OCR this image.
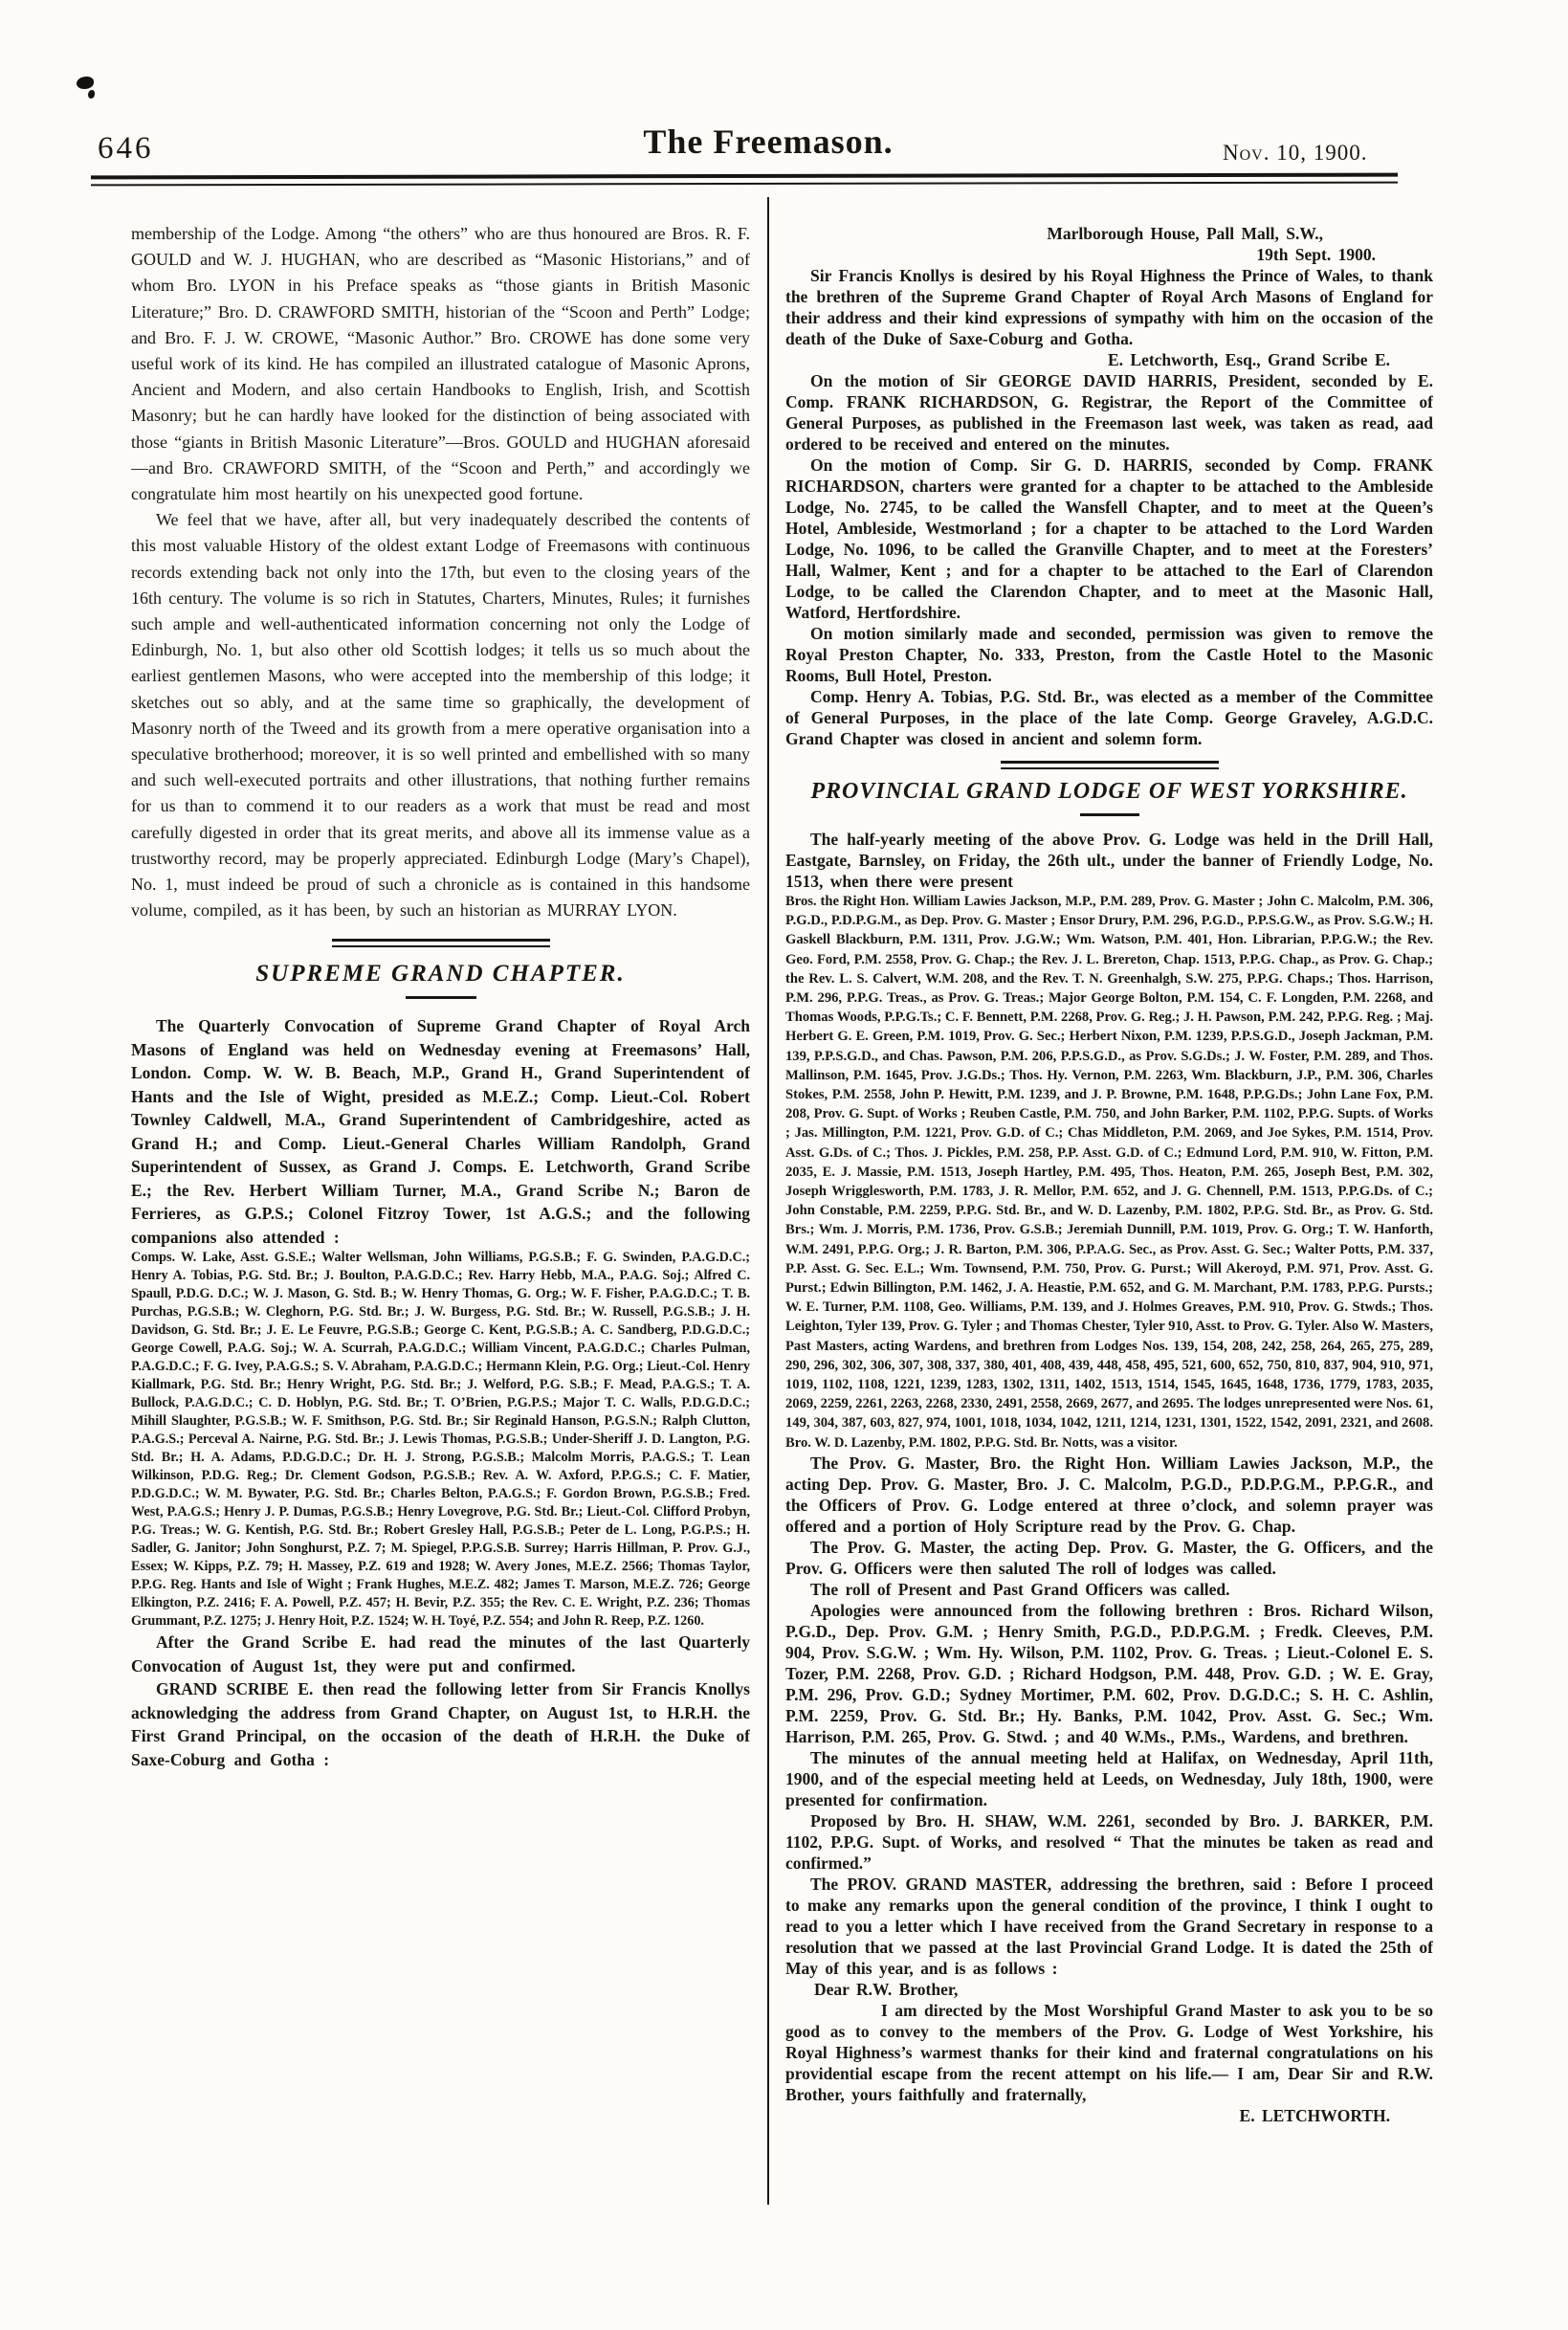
646	The Freemason.	Nov. 10, 1900.

membership of the Lodge. Among “the others” who are thus honoured are Bros. R. F. GOULD and W. J. HUGHAN, who are described as “Masonic Historians,” and of whom Bro. LYON in his Preface speaks as “those giants in British Masonic Literature;” Bro. D. CRAWFORD SMITH, historian of the “Scoon and Perth” Lodge; and Bro. F. J. W. CROWE, “Masonic Author.” Bro. CROWE has done some very useful work of its kind. He has compiled an illustrated catalogue of Masonic Aprons, Ancient and Modern, and also certain Handbooks to English, Irish, and Scottish Masonry; but he can hardly have looked for the distinction of being associated with those “giants in British Masonic Literature”—Bros. GOULD and HUGHAN aforesaid—and Bro. CRAWFORD SMITH, of the “Scoon and Perth,” and accordingly we congratulate him most heartily on his unexpected good fortune.

We feel that we have, after all, but very inadequately described the contents of this most valuable History of the oldest extant Lodge of Freemasons with continuous records extending back not only into the 17th, but even to the closing years of the 16th century. The volume is so rich in Statutes, Charters, Minutes, Rules; it furnishes such ample and well-authenticated information concerning not only the Lodge of Edinburgh, No. 1, but also other old Scottish lodges; it tells us so much about the earliest gentlemen Masons, who were accepted into the membership of this lodge; it sketches out so ably, and at the same time so graphically, the development of Masonry north of the Tweed and its growth from a mere operative organisation into a speculative brotherhood; moreover, it is so well printed and embellished with so many and such well-executed portraits and other illustrations, that nothing further remains for us than to commend it to our readers as a work that must be read and most carefully digested in order that its great merits, and above all its immense value as a trustworthy record, may be properly appreciated. Edinburgh Lodge (Mary’s Chapel), No. 1, must indeed be proud of such a chronicle as is contained in this handsome volume, compiled, as it has been, by such an historian as MURRAY LYON.

SUPREME GRAND CHAPTER.

The Quarterly Convocation of Supreme Grand Chapter of Royal Arch Masons of England was held on Wednesday evening at Freemasons’ Hall, London. Comp. W. W. B. Beach, M.P., Grand H., Grand Superintendent of Hants and the Isle of Wight, presided as M.E.Z.; Comp. Lieut.-Col. Robert Townley Caldwell, M.A., Grand Superintendent of Cambridgeshire, acted as Grand H.; and Comp. Lieut.-General Charles William Randolph, Grand Superintendent of Sussex, as Grand J. Comps. E. Letchworth, Grand Scribe E.; the Rev. Herbert William Turner, M.A., Grand Scribe N.; Baron de Ferrieres, as G.P.S.; Colonel Fitzroy Tower, 1st A.G.S.; and the following companions also attended :

Comps. W. Lake, Asst. G.S.E.; Walter Wellsman, John Williams, P.G.S.B.; F. G. Swinden, P.A.G.D.C.; Henry A. Tobias, P.G. Std. Br.; J. Boulton, P.A.G.D.C.; Rev. Harry Hebb, M.A., P.A.G. Soj.; Alfred C. Spaull, P.D.G. D.C.; W. J. Mason, G. Std. B.; W. Henry Thomas, G. Org.; W. F. Fisher, P.A.G.D.C.; T. B. Purchas, P.G.S.B.; W. Cleghorn, P.G. Std. Br.; J. W. Burgess, P.G. Std. Br.; W. Russell, P.G.S.B.; J. H. Davidson, G. Std. Br.; J. E. Le Feuvre, P.G.S.B.; George C. Kent, P.G.S.B.; A. C. Sandberg, P.D.G.D.C.; George Cowell, P.A.G. Soj.; W. A. Scurrah, P.A.G.D.C.; William Vincent, P.A.G.D.C.; Charles Pulman, P.A.G.D.C.; F. G. Ivey, P.A.G.S.; S. V. Abraham, P.A.G.D.C.; Hermann Klein, P.G. Org.; Lieut.-Col. Henry Kiallmark, P.G. Std. Br.; Henry Wright, P.G. Std. Br.; J. Welford, P.G. S.B.; F. Mead, P.A.G.S.; T. A. Bullock, P.A.G.D.C.; C. D. Hoblyn, P.G. Std. Br.; T. O’Brien, P.G.P.S.; Major T. C. Walls, P.D.G.D.C.; Mihill Slaughter, P.G.S.B.; W. F. Smithson, P.G. Std. Br.; Sir Reginald Hanson, P.G.S.N.; Ralph Clutton, P.A.G.S.; Perceval A. Nairne, P.G. Std. Br.; J. Lewis Thomas, P.G.S.B.; Under-Sheriff J. D. Langton, P.G. Std. Br.; H. A. Adams, P.D.G.D.C.; Dr. H. J. Strong, P.G.S.B.; Malcolm Morris, P.A.G.S.; T. Lean Wilkinson, P.D.G. Reg.; Dr. Clement Godson, P.G.S.B.; Rev. A. W. Axford, P.P.G.S.; C. F. Matier, P.D.G.D.C.; W. M. Bywater, P.G. Std. Br.; Charles Belton, P.A.G.S.; F. Gordon Brown, P.G.S.B.; Fred. West, P.A.G.S.; Henry J. P. Dumas, P.G.S.B.; Henry Lovegrove, P.G. Std. Br.; Lieut.-Col. Clifford Probyn, P.G. Treas.; W. G. Kentish, P.G. Std. Br.; Robert Gresley Hall, P.G.S.B.; Peter de L. Long, P.G.P.S.; H. Sadler, G. Janitor; John Songhurst, P.Z. 7; M. Spiegel, P.P.G.S.B. Surrey; Harris Hillman, P. Prov. G.J., Essex; W. Kipps, P.Z. 79; H. Massey, P.Z. 619 and 1928; W. Avery Jones, M.E.Z. 2566; Thomas Taylor, P.P.G. Reg. Hants and Isle of Wight ; Frank Hughes, M.E.Z. 482; James T. Marson, M.E.Z. 726; George Elkington, P.Z. 2416; F. A. Powell, P.Z. 457; H. Bevir, P.Z. 355; the Rev. C. E. Wright, P.Z. 236; Thomas Grummant, P.Z. 1275; J. Henry Hoit, P.Z. 1524; W. H. Toyé, P.Z. 554; and John R. Reep, P.Z. 1260.

After the Grand Scribe E. had read the minutes of the last Quarterly Convocation of August 1st, they were put and confirmed.

GRAND SCRIBE E. then read the following letter from Sir Francis Knollys acknowledging the address from Grand Chapter, on August 1st, to H.R.H. the First Grand Principal, on the occasion of the death of H.R.H. the Duke of Saxe-Coburg and Gotha :

Marlborough House, Pall Mall, S.W.,

19th Sept. 1900.

Sir Francis Knollys is desired by his Royal Highness the Prince of Wales, to thank the brethren of the Supreme Grand Chapter of Royal Arch Masons of England for their address and their kind expressions of sympathy with him on the occasion of the death of the Duke of Saxe-Coburg and Gotha.

E. Letchworth, Esq., Grand Scribe E.

On the motion of Sir GEORGE DAVID HARRIS, President, seconded by E. Comp. FRANK RICHARDSON, G. Registrar, the Report of the Committee of General Purposes, as published in the Freemason last week, was taken as read, aad ordered to be received and entered on the minutes.

On the motion of Comp. Sir G. D. HARRIS, seconded by Comp. FRANK RICHARDSON, charters were granted for a chapter to be attached to the Ambleside Lodge, No. 2745, to be called the Wansfell Chapter, and to meet at the Queen’s Hotel, Ambleside, Westmorland ; for a chapter to be attached to the Lord Warden Lodge, No. 1096, to be called the Granville Chapter, and to meet at the Foresters’ Hall, Walmer, Kent ; and for a chapter to be attached to the Earl of Clarendon Lodge, to be called the Clarendon Chapter, and to meet at the Masonic Hall, Watford, Hertfordshire.

On motion similarly made and seconded, permission was given to remove the Royal Preston Chapter, No. 333, Preston, from the Castle Hotel to the Masonic Rooms, Bull Hotel, Preston.

Comp. Henry A. Tobias, P.G. Std. Br., was elected as a member of the Committee of General Purposes, in the place of the late Comp. George Graveley, A.G.D.C. Grand Chapter was closed in ancient and solemn form.

PROVINCIAL GRAND LODGE OF WEST YORKSHIRE.

The half-yearly meeting of the above Prov. G. Lodge was held in the Drill Hall, Eastgate, Barnsley, on Friday, the 26th ult., under the banner of Friendly Lodge, No. 1513, when there were present

Bros. the Right Hon. William Lawies Jackson, M.P., P.M. 289, Prov. G. Master ; John C. Malcolm, P.M. 306, P.G.D., P.D.P.G.M., as Dep. Prov. G. Master ; Ensor Drury, P.M. 296, P.G.D., P.P.S.G.W., as Prov. S.G.W.; H. Gaskell Blackburn, P.M. 1311, Prov. J.G.W.; Wm. Watson, P.M. 401, Hon. Librarian, P.P.G.W.; the Rev. Geo. Ford, P.M. 2558, Prov. G. Chap.; the Rev. J. L. Brereton, Chap. 1513, P.P.G. Chap., as Prov. G. Chap.; the Rev. L. S. Calvert, W.M. 208, and the Rev. T. N. Greenhalgh, S.W. 275, P.P.G. Chaps.; Thos. Harrison, P.M. 296, P.P.G. Treas., as Prov. G. Treas.; Major George Bolton, P.M. 154, C. F. Longden, P.M. 2268, and Thomas Woods, P.P.G.Ts.; C. F. Bennett, P.M. 2268, Prov. G. Reg.; J. H. Pawson, P.M. 242, P.P.G. Reg. ; Maj. Herbert G. E. Green, P.M. 1019, Prov. G. Sec.; Herbert Nixon, P.M. 1239, P.P.S.G.D., Joseph Jackman, P.M. 139, P.P.S.G.D., and Chas. Pawson, P.M. 206, P.P.S.G.D., as Prov. S.G.Ds.; J. W. Foster, P.M. 289, and Thos. Mallinson, P.M. 1645, Prov. J.G.Ds.; Thos. Hy. Vernon, P.M. 2263, Wm. Blackburn, J.P., P.M. 306, Charles Stokes, P.M. 2558, John P. Hewitt, P.M. 1239, and J. P. Browne, P.M. 1648, P.P.G.Ds.; John Lane Fox, P.M. 208, Prov. G. Supt. of Works ; Reuben Castle, P.M. 750, and John Barker, P.M. 1102, P.P.G. Supts. of Works ; Jas. Millington, P.M. 1221, Prov. G.D. of C.; Chas Middleton, P.M. 2069, and Joe Sykes, P.M. 1514, Prov. Asst. G.Ds. of C.; Thos. J. Pickles, P.M. 258, P.P. Asst. G.D. of C.; Edmund Lord, P.M. 910, W. Fitton, P.M. 2035, E. J. Massie, P.M. 1513, Joseph Hartley, P.M. 495, Thos. Heaton, P.M. 265, Joseph Best, P.M. 302, Joseph Wrigglesworth, P.M. 1783, J. R. Mellor, P.M. 652, and J. G. Chennell, P.M. 1513, P.P.G.Ds. of C.; John Constable, P.M. 2259, P.P.G. Std. Br., and W. D. Lazenby, P.M. 1802, P.P.G. Std. Br., as Prov. G. Std. Brs.; Wm. J. Morris, P.M. 1736, Prov. G.S.B.; Jeremiah Dunnill, P.M. 1019, Prov. G. Org.; T. W. Hanforth, W.M. 2491, P.P.G. Org.; J. R. Barton, P.M. 306, P.P.A.G. Sec., as Prov. Asst. G. Sec.; Walter Potts, P.M. 337, P.P. Asst. G. Sec. E.L.; Wm. Townsend, P.M. 750, Prov. G. Purst.; Will Akeroyd, P.M. 971, Prov. Asst. G. Purst.; Edwin Billington, P.M. 1462, J. A. Heastie, P.M. 652, and G. M. Marchant, P.M. 1783, P.P.G. Pursts.; W. E. Turner, P.M. 1108, Geo. Williams, P.M. 139, and J. Holmes Greaves, P.M. 910, Prov. G. Stwds.; Thos. Leighton, Tyler 139, Prov. G. Tyler ; and Thomas Chester, Tyler 910, Asst. to Prov. G. Tyler. Also W. Masters, Past Masters, acting Wardens, and brethren from Lodges Nos. 139, 154, 208, 242, 258, 264, 265, 275, 289, 290, 296, 302, 306, 307, 308, 337, 380, 401, 408, 439, 448, 458, 495, 521, 600, 652, 750, 810, 837, 904, 910, 971, 1019, 1102, 1108, 1221, 1239, 1283, 1302, 1311, 1402, 1513, 1514, 1545, 1645, 1648, 1736, 1779, 1783, 2035, 2069, 2259, 2261, 2263, 2268, 2330, 2491, 2558, 2669, 2677, and 2695. The lodges unrepresented were Nos. 61, 149, 304, 387, 603, 827, 974, 1001, 1018, 1034, 1042, 1211, 1214, 1231, 1301, 1522, 1542, 2091, 2321, and 2608. Bro. W. D. Lazenby, P.M. 1802, P.P.G. Std. Br. Notts, was a visitor.

The Prov. G. Master, Bro. the Right Hon. William Lawies Jackson, M.P., the acting Dep. Prov. G. Master, Bro. J. C. Malcolm, P.G.D., P.D.P.G.M., P.P.G.R., and the Officers of Prov. G. Lodge entered at three o’clock, and solemn prayer was offered and a portion of Holy Scripture read by the Prov. G. Chap.

The Prov. G. Master, the acting Dep. Prov. G. Master, the G. Officers, and the Prov. G. Officers were then saluted The roll of lodges was called.

The roll of Present and Past Grand Officers was called.

Apologies were announced from the following brethren : Bros. Richard Wilson, P.G.D., Dep. Prov. G.M. ; Henry Smith, P.G.D., P.D.P.G.M. ; Fredk. Cleeves, P.M. 904, Prov. S.G.W. ; Wm. Hy. Wilson, P.M. 1102, Prov. G. Treas. ; Lieut.-Colonel E. S. Tozer, P.M. 2268, Prov. G.D. ; Richard Hodgson, P.M. 448, Prov. G.D. ; W. E. Gray, P.M. 296, Prov. G.D.; Sydney Mortimer, P.M. 602, Prov. D.G.D.C.; S. H. C. Ashlin, P.M. 2259, Prov. G. Std. Br.; Hy. Banks, P.M. 1042, Prov. Asst. G. Sec.; Wm. Harrison, P.M. 265, Prov. G. Stwd. ; and 40 W.Ms., P.Ms., Wardens, and brethren.

The minutes of the annual meeting held at Halifax, on Wednesday, April 11th, 1900, and of the especial meeting held at Leeds, on Wednesday, July 18th, 1900, were presented for confirmation.

Proposed by Bro. H. SHAW, W.M. 2261, seconded by Bro. J. BARKER, P.M. 1102, P.P.G. Supt. of Works, and resolved “ That the minutes be taken as read and confirmed.”

The PROV. GRAND MASTER, addressing the brethren, said : Before I proceed to make any remarks upon the general condition of the province, I think I ought to read to you a letter which I have received from the Grand Secretary in response to a resolution that we passed at the last Provincial Grand Lodge. It is dated the 25th of May of this year, and is as follows :

Dear R.W. Brother,

I am directed by the Most Worshipful Grand Master to ask you to be so good as to convey to the members of the Prov. G. Lodge of West Yorkshire, his Royal Highness’s warmest thanks for their kind and fraternal congratulations on his providential escape from the recent attempt on his life.— I am, Dear Sir and R.W. Brother, yours faithfully and fraternally,

E. LETCHWORTH.
